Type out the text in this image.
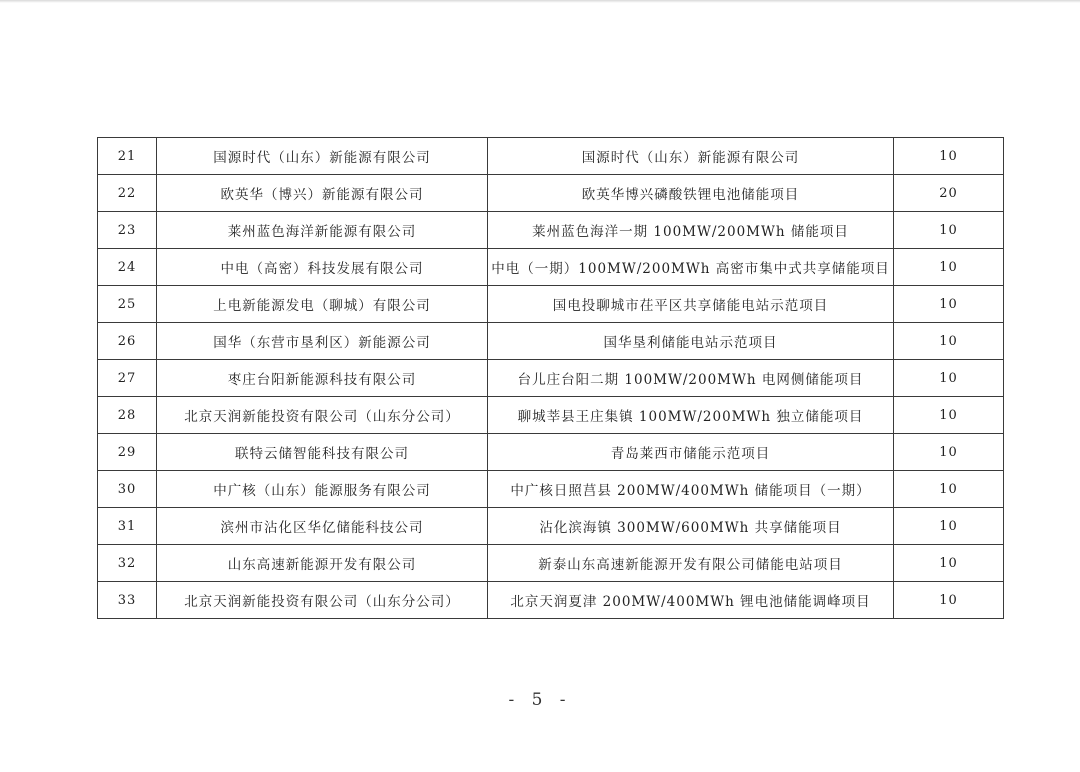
21	国源时代（山东）新能源有限公司	国源时代（山东）新能源有限公司	10
22	欧英华（博兴）新能源有限公司	欧英华博兴磷酸铁锂电池储能项目	20
23	莱州蓝色海洋新能源有限公司	莱州蓝色海洋一期 100MW/200MWh 储能项目	10
24	中电（高密）科技发展有限公司	中电（一期）100MW/200MWh 高密市集中式共享储能项目	10
25	上电新能源发电（聊城）有限公司	国电投聊城市茌平区共享储能电站示范项目	10
26	国华（东营市垦利区）新能源公司	国华垦利储能电站示范项目	10
27	枣庄台阳新能源科技有限公司	台儿庄台阳二期 100MW/200MWh 电网侧储能项目	10
28	北京天润新能投资有限公司（山东分公司）	聊城莘县王庄集镇 100MW/200MWh 独立储能项目	10
29	联特云储智能科技有限公司	青岛莱西市储能示范项目	10
30	中广核（山东）能源服务有限公司	中广核日照莒县 200MW/400MWh 储能项目（一期）	10
31	滨州市沾化区华亿储能科技公司	沾化滨海镇 300MW/600MWh 共享储能项目	10
32	山东高速新能源开发有限公司	新泰山东高速新能源开发有限公司储能电站项目	10
33	北京天润新能投资有限公司（山东分公司）	北京天润夏津 200MW/400MWh 锂电池储能调峰项目	10
- 5 -
